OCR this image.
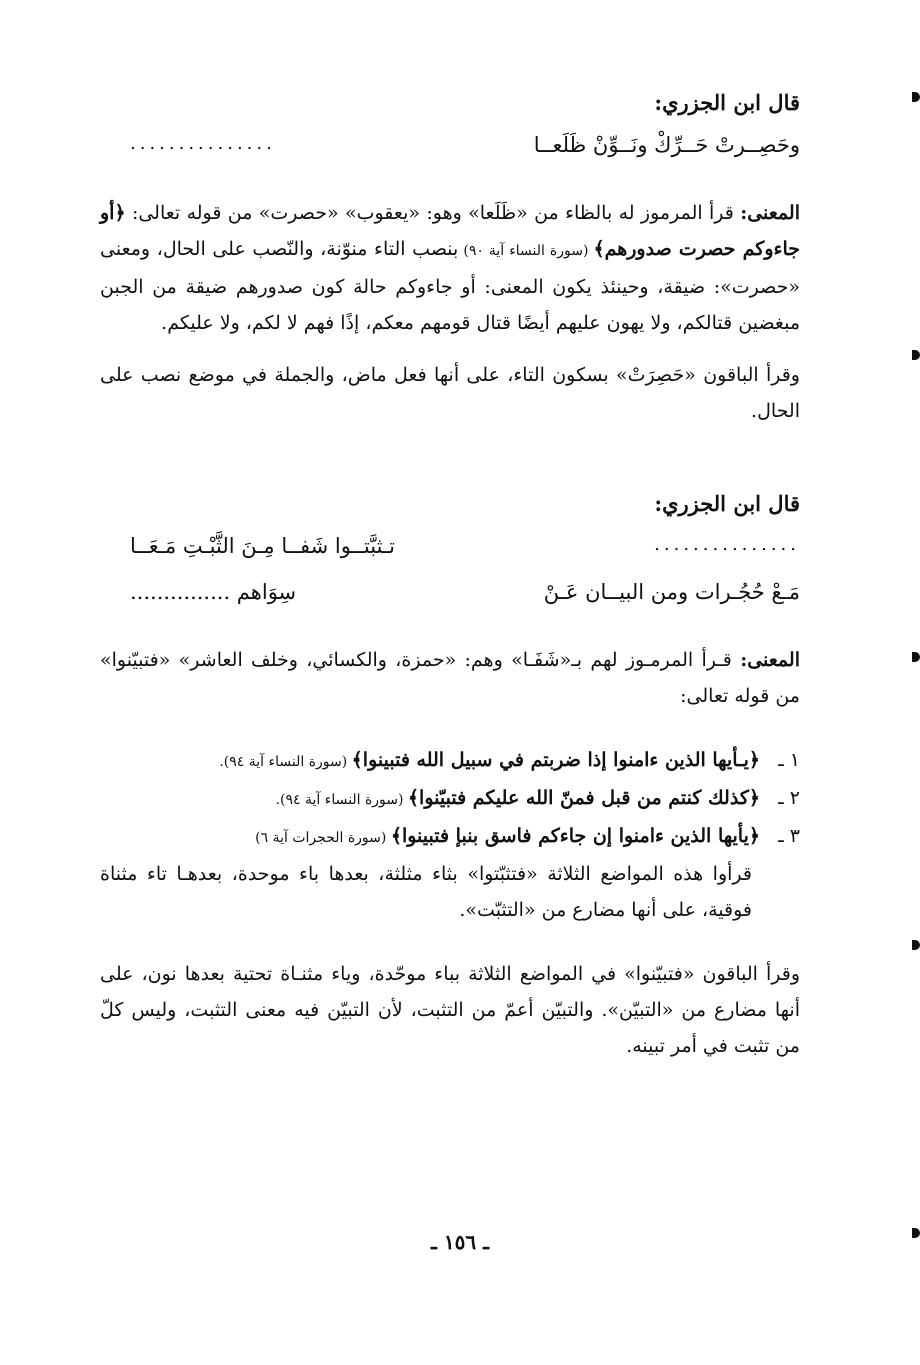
قال ابن الجزري:
وحَصِــرتْ حَــرِّكْ ونَــوِّنْ ظَلَعــا
...............

المعنى: قرأ المرموز له بالظاء من «ظَلَعا» وهو: «يعقوب» «حصرت» من قوله تعالى: ﴿أو جاءوكم حصرت صدورهم﴾ (سورة النساء آية ٩٠) بنصب التاء منوّنة، والنّصب على الحال، ومعنى «حصرت»: ضيقة، وحينئذ يكون المعنى: أو جاءوكم حالة كون صدورهم ضيقة من الجبن مبغضين قتالكم، ولا يهون عليهم أيضًا قتال قومهم معكم، إذًا فهم لا لكم، ولا عليكم.

وقرأ الباقون «حَصِرَتْ» بسكون التاء، على أنها فعل ماض، والجملة في موضع نصب على الحال.

قال ابن الجزري:
...............
تـثبَّتــوا شَفــا مِـنَ الثَّبْـتِ مَـعَــا
مَـعْ حُجُـرات ومن البيــان عَـنْ
سِوَاهم ...............

المعنى: قـرأ المرمـوز لهم بـ«شَفَـا» وهم: «حمزة، والكسائي، وخلف العاشر» «فتبيّنوا» من قوله تعالى:

١ ـ﴿يـأيها الذين ءامنوا إذا ضربتم في سبيل الله فتبينوا﴾ (سورة النساء آية ٩٤).
٢ ـ﴿كذلك كنتم من قبل فمنّ الله عليكم فتبيّنوا﴾ (سورة النساء آية ٩٤).
٣ ـ﴿يأيها الذين ءامنوا إن جاءكم فاسق بنبإ فتبينوا﴾ (سورة الحجرات آية ٦)
قرأوا هذه المواضع الثلاثة «فتثبّتوا» بثاء مثلثة، بعدها باء موحدة، بعدهـا تاء مثناة فوقية، على أنها مضارع من «التثبّت».

وقرأ الباقون «فتبيّنوا» في المواضع الثلاثة بباء موحّدة، وياء مثنـاة تحتية بعدها نون، على أنها مضارع من «التبيّن». والتبيّن أعمّ من التثبت، لأن التبيّن فيه معنى التثبت، وليس كلّ من تثبت في أمر تبينه.

ـ ١٥٦ ـ
